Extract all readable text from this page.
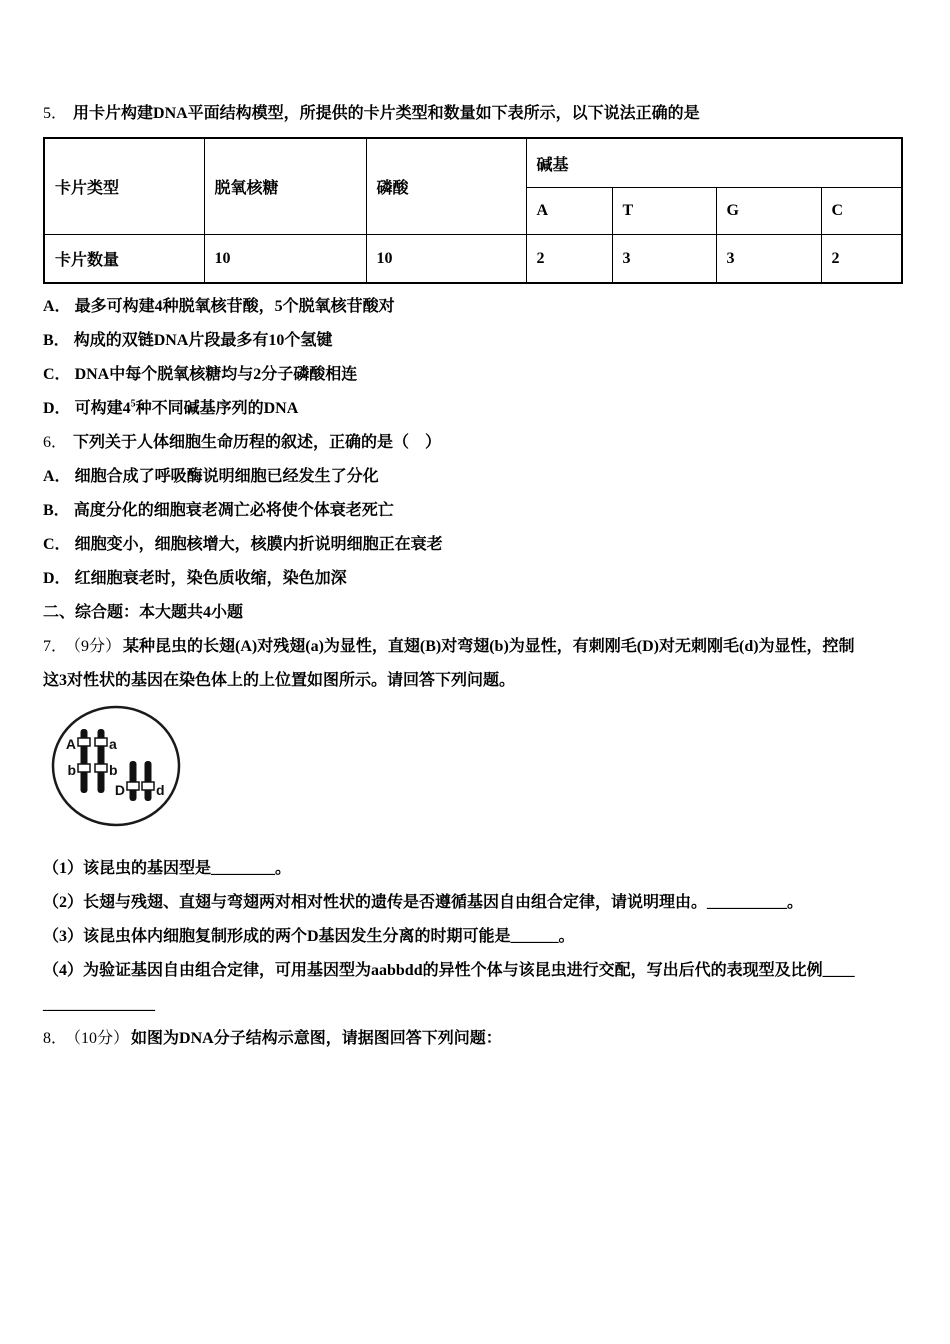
5． 用卡片构建DNA平面结构模型，所提供的卡片类型和数量如下表所示，以下说法正确的是
卡片类型	脱氧核糖	磷酸	碱基			
			A	T	G	C
卡片数量	10	10	2	3	3	2
A． 最多可构建4种脱氧核苷酸，5个脱氧核苷酸对
B． 构成的双链DNA片段最多有10个氢键
C． DNA中每个脱氧核糖均与2分子磷酸相连
D． 可构建$4^5$种不同碱基序列的DNA
6． 下列关于人体细胞生命历程的叙述，正确的是（　）
A． 细胞合成了呼吸酶说明细胞已经发生了分化
B． 高度分化的细胞衰老凋亡必将使个体衰老死亡
C． 细胞变小，细胞核增大，核膜内折说明细胞正在衰老
D． 红细胞衰老时，染色质收缩，染色加深
二、综合题：本大题共4小题
7． （9分） 某种昆虫的长翅(A)对残翅(a)为显性，直翅(B)对弯翅(b)为显性，有刺刚毛(D)对无刺刚毛(d)为显性，控制
这3对性状的基因在染色体上的上位置如图所示。请回答下列问题。
A a
b b
D d
（1）该昆虫的基因型是________。
（2）长翅与残翅、直翅与弯翅两对相对性状的遗传是否遵循基因自由组合定律，请说明理由。__________。
（3）该昆虫体内细胞复制形成的两个D基因发生分离的时期可能是______。
（4）为验证基因自由组合定律，可用基因型为aabbdd的异性个体与该昆虫进行交配，写出后代的表现型及比例____
______________
8． （10分） 如图为DNA分子结构示意图，请据图回答下列问题：
